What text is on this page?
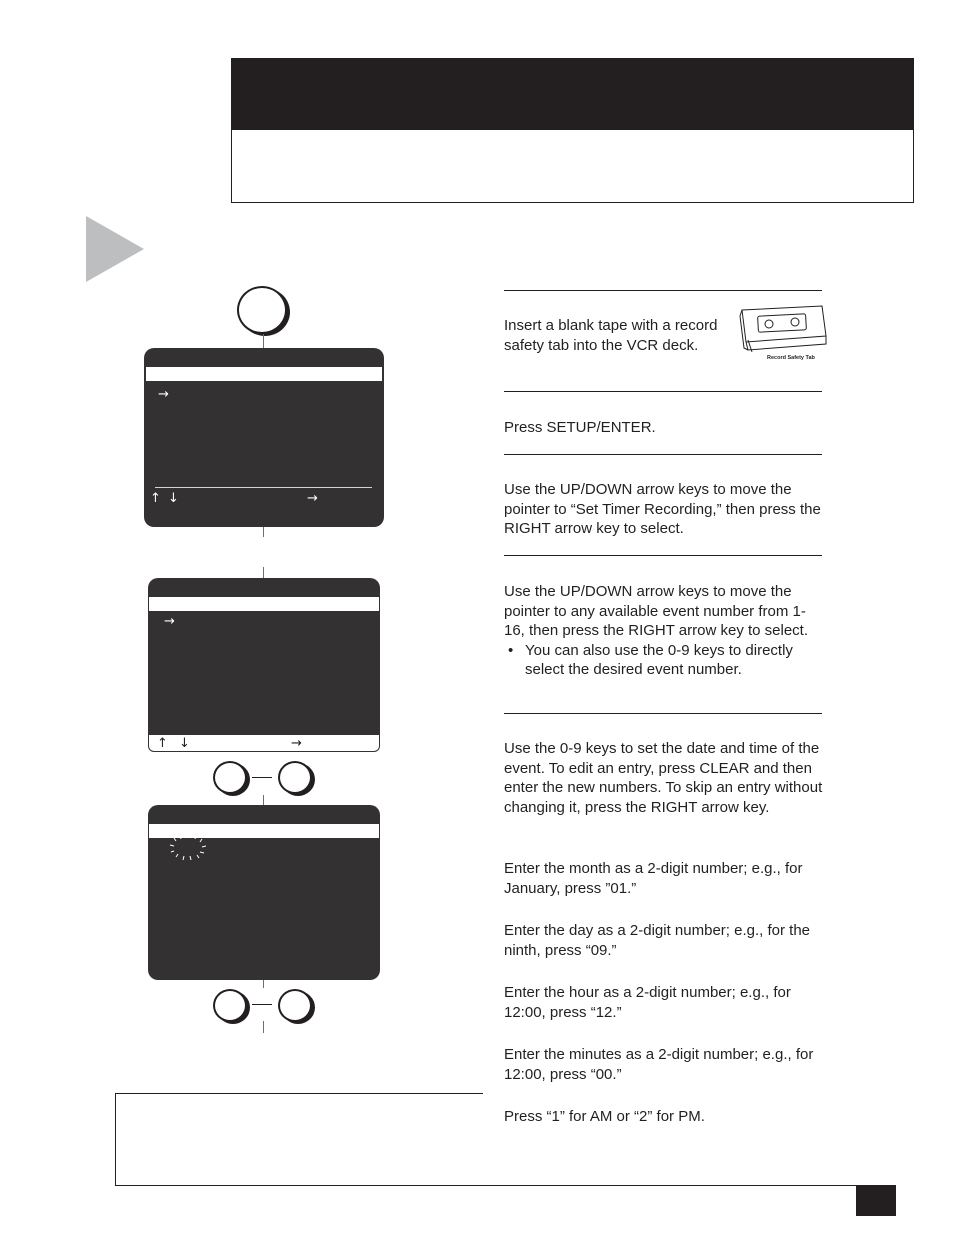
→
↑ ↓	→
→
↑ ↓	→
Insert a blank tape with a record safety tab into the VCR deck.
Record Safety Tab
Press SETUP/ENTER.
Use the UP/DOWN arrow keys to move the pointer to “Set Timer Recording,” then press the RIGHT arrow key to select.
Use the UP/DOWN arrow keys to move the pointer to any available event number from 1-16, then press the RIGHT arrow key to select.
• You can also use the 0-9 keys to directly select the desired event number.
Use the 0-9 keys to set the date and time of the event. To edit an entry, press CLEAR and then enter the new numbers. To skip an entry without changing it, press the RIGHT arrow key.
Enter the month as a 2-digit number; e.g., for January, press ”01.”
Enter the day as a 2-digit number; e.g., for the ninth, press “09.”
Enter the hour as a 2-digit number; e.g., for 12:00, press “12.”
Enter the minutes as a 2-digit number; e.g., for 12:00, press “00.”
Press “1” for AM or “2” for PM.
